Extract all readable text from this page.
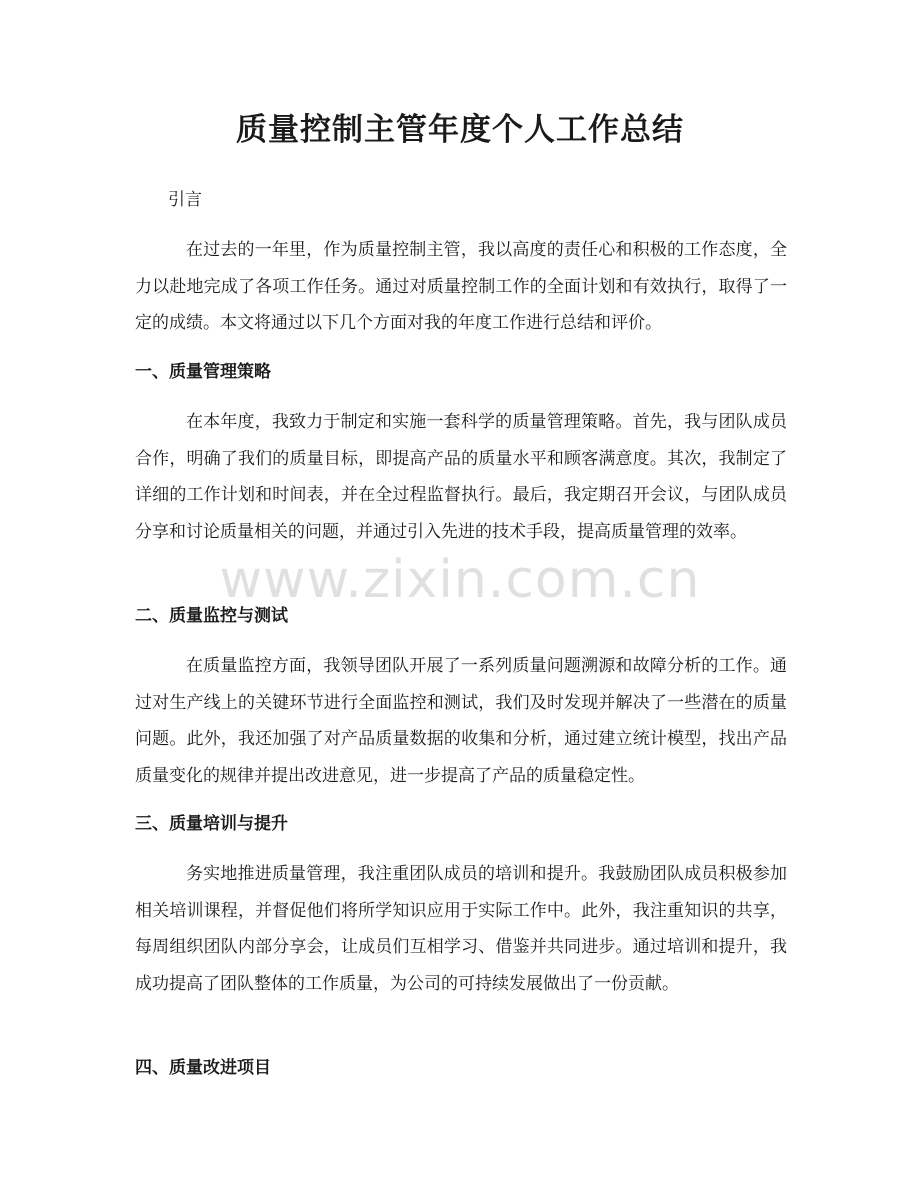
质量控制主管年度个人工作总结

引言

在过去的一年里，作为质量控制主管，我以高度的责任心和积极的工作态度，全力以赴地完成了各项工作任务。通过对质量控制工作的全面计划和有效执行，取得了一定的成绩。本文将通过以下几个方面对我的年度工作进行总结和评价。

一、质量管理策略

在本年度，我致力于制定和实施一套科学的质量管理策略。首先，我与团队成员合作，明确了我们的质量目标，即提高产品的质量水平和顾客满意度。其次，我制定了详细的工作计划和时间表，并在全过程监督执行。最后，我定期召开会议，与团队成员分享和讨论质量相关的问题，并通过引入先进的技术手段，提高质量管理的效率。

二、质量监控与测试

在质量监控方面，我领导团队开展了一系列质量问题溯源和故障分析的工作。通过对生产线上的关键环节进行全面监控和测试，我们及时发现并解决了一些潜在的质量问题。此外，我还加强了对产品质量数据的收集和分析，通过建立统计模型，找出产品质量变化的规律并提出改进意见，进一步提高了产品的质量稳定性。

三、质量培训与提升

务实地推进质量管理，我注重团队成员的培训和提升。我鼓励团队成员积极参加相关培训课程，并督促他们将所学知识应用于实际工作中。此外，我注重知识的共享，每周组织团队内部分享会，让成员们互相学习、借鉴并共同进步。通过培训和提升，我成功提高了团队整体的工作质量，为公司的可持续发展做出了一份贡献。

四、质量改进项目
www.zixin.com.cn
